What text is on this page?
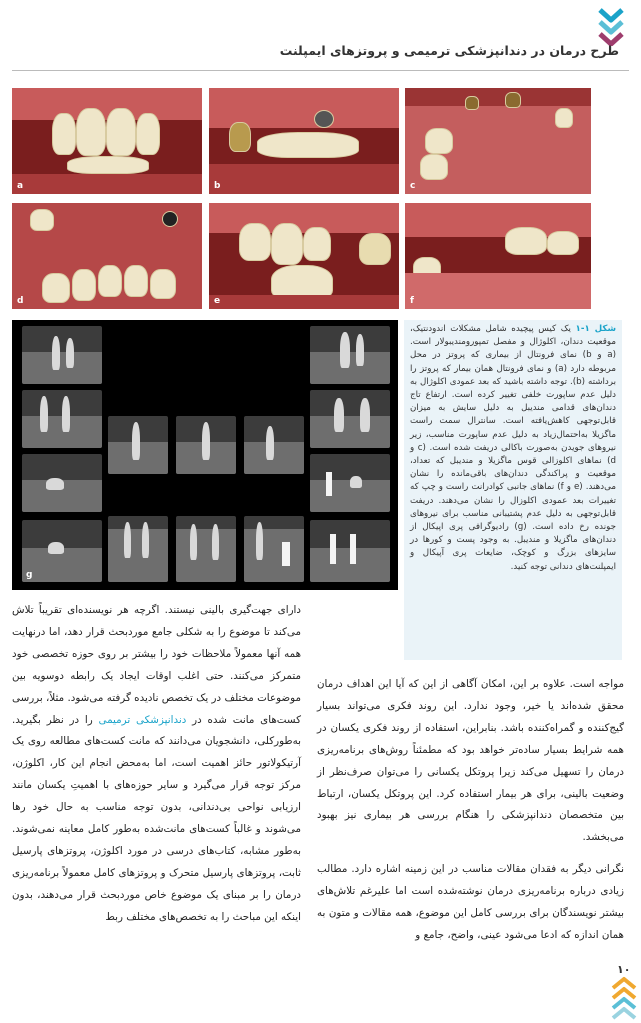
طرح درمان در دندانپزشکی ترمیمی و پروتزهای ایمپلنت
a	b	c
d	e	f
g
شکل ۱-۱ یک کیس پیچیده شامل مشکلات اندودنتیک، موقعیت دندان، اکلوژال و مفصل تمپورومندیبولار است. (a و b) نمای فرونتال از بیماری که پروتز در محل مربوطه دارد (a) و نمای فرونتال همان بیمار که پروتز را برداشته (b). توجه داشته باشید که بعد عمودی اکلوژال به دلیل عدم ساپورت خلفی تغییر کرده است. ارتفاع تاج دندان‌های قدامی مندیبل به دلیل سایش به میزان قابل‌توجهی کاهش‌یافته است. سانترال سمت راست ماگزیلا به‌احتمال‌زیاد به دلیل عدم ساپورت مناسب، زیر نیروهای جویدن به‌صورت باکالی دریفت شده است. (c و d) نماهای اکلوزالی قوس ماگزیلا و مندیبل که تعداد، موقعیت و پراکندگی دندان‌های باقی‌مانده را نشان می‌دهند. (e و f) نماهای جانبی کوادرانت راست و چپ که تغییرات بعد عمودی اکلوزال را نشان می‌دهند. دریفت قابل‌توجهی به دلیل عدم پشتیبانی مناسب برای نیروهای جونده رخ داده است. (g) رادیوگرافی پری اپیکال از دندان‌های ماگزیلا و مندیبل. به وجود پست و کورها در سایزهای بزرگ و کوچک، ضایعات پری آپیکال و ایمپلنت‌های دندانی توجه کنید.
دارای جهت‌گیری بالینی نیستند. اگرچه هر نویسنده‌ای تقریباً تلاش می‌کند تا موضوع را به شکلی جامع موردبحث قرار دهد، اما درنهایت همه آنها معمولاً ملاحظات خود را بیشتر بر روی حوزه تخصصی خود متمرکز می‌کنند. حتی اغلب اوقات ایجاد یک رابطه دوسویه بین موضوعات مختلف در یک تخصص نادیده گرفته می‌شود. مثلاً، بررسی کست‌های مانت شده در دندانپزشکی ترمیمی را در نظر بگیرید. به‌طورکلی، دانشجویان می‌دانند که مانت کست‌های مطالعه روی یک آرتیکولاتور حائز اهمیت است، اما به‌محض انجام این کار، اکلوژن، مرکز توجه قرار می‌گیرد و سایر حوزه‌های با اهمیتِ یکسان مانند ارزیابی نواحی بی‌دندانی، بدون توجه مناسب به حال خود رها می‌شوند و غالباً کست‌های مانت‌شده به‌طور کامل معاینه نمی‌شوند. به‌طور مشابه، کتاب‌های درسی در مورد اکلوژن، پروتزهای پارسیل ثابت، پروتزهای پارسیل متحرک و پروتزهای کامل معمولاً برنامه‌ریزی درمان را بر مبنای یک موضوع خاص موردبحث قرار می‌دهند، بدون اینکه این مباحث را به تخصص‌های مختلف ربط
مواجه است. علاوه بر این، امکان آگاهی از این که آیا این اهداف درمان محقق شده‌اند یا خیر، وجود ندارد. این روند فکری می‌تواند بسیار گیج‌کننده و گمراه‌کننده باشد. بنابراین، استفاده از روند فکری یکسان در همه شرایط بسیار ساده‌تر خواهد بود که مطمئناً روش‌های برنامه‌ریزی درمان را تسهیل می‌کند زیرا پروتکل یکسانی را می‌توان صرف‌نظر از وضعیت بالینی، برای هر بیمار استفاده کرد. این پروتکل یکسان، ارتباط بین متخصصان دندانپزشکی را هنگام بررسی هر بیماری نیز بهبود می‌بخشد.
نگرانی دیگر به فقدان مقالات مناسب در این زمینه اشاره دارد. مطالب زیادی درباره برنامه‌ریزی درمان نوشته‌شده است اما علیرغم تلاش‌های بیشتر نویسندگان برای بررسی کامل این موضوع، همه مقالات و متون به همان اندازه که ادعا می‌شود عینی، واضح، جامع و
۱۰
